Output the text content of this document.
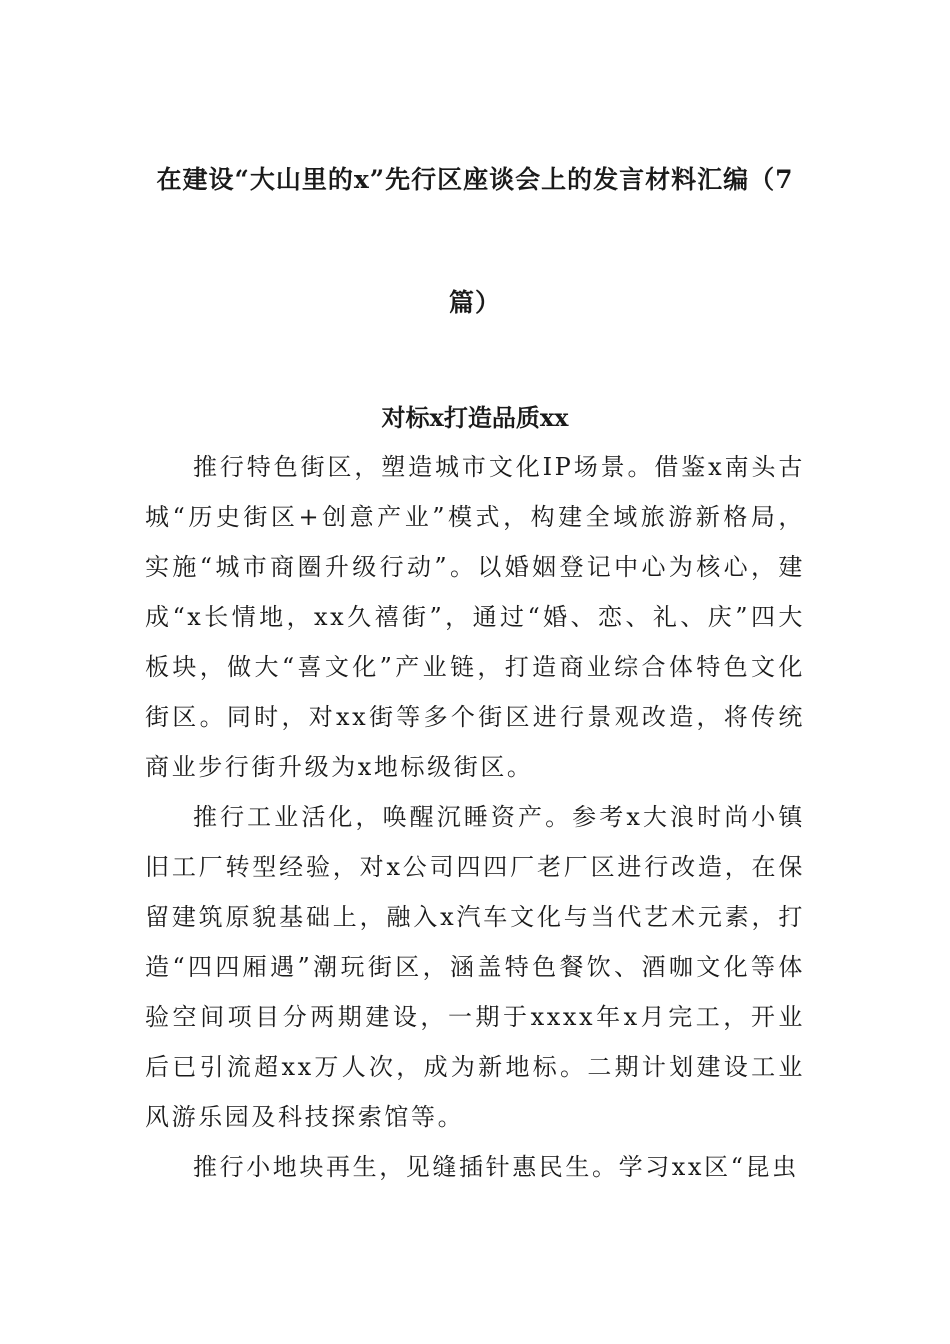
在建设“大山里的x”先行区座谈会上的发言材料汇编（7
篇）
对标x打造品质xx

推行特色街区，塑造城市文化IP场景。借鉴x南头古城“历史街区+创意产业”模式，构建全域旅游新格局，实施“城市商圈升级行动”。以婚姻登记中心为核心，建成“x长情地，xx久禧街”，通过“婚、恋、礼、庆”四大板块，做大“喜文化”产业链，打造商业综合体特色文化街区。同时，对xx街等多个街区进行景观改造，将传统商业步行街升级为x地标级街区。

推行工业活化，唤醒沉睡资产。参考x大浪时尚小镇旧工厂转型经验，对x公司四四厂老厂区进行改造，在保留建筑原貌基础上，融入x汽车文化与当代艺术元素，打造“四四厢遇”潮玩街区，涵盖特色餐饮、酒咖文化等体验空间项目分两期建设，一期于xxxx年x月完工，开业后已引流超xx万人次，成为新地标。二期计划建设工业风游乐园及科技探索馆等。

推行小地块再生，见缝插针惠民生。学习xx区“昆虫
